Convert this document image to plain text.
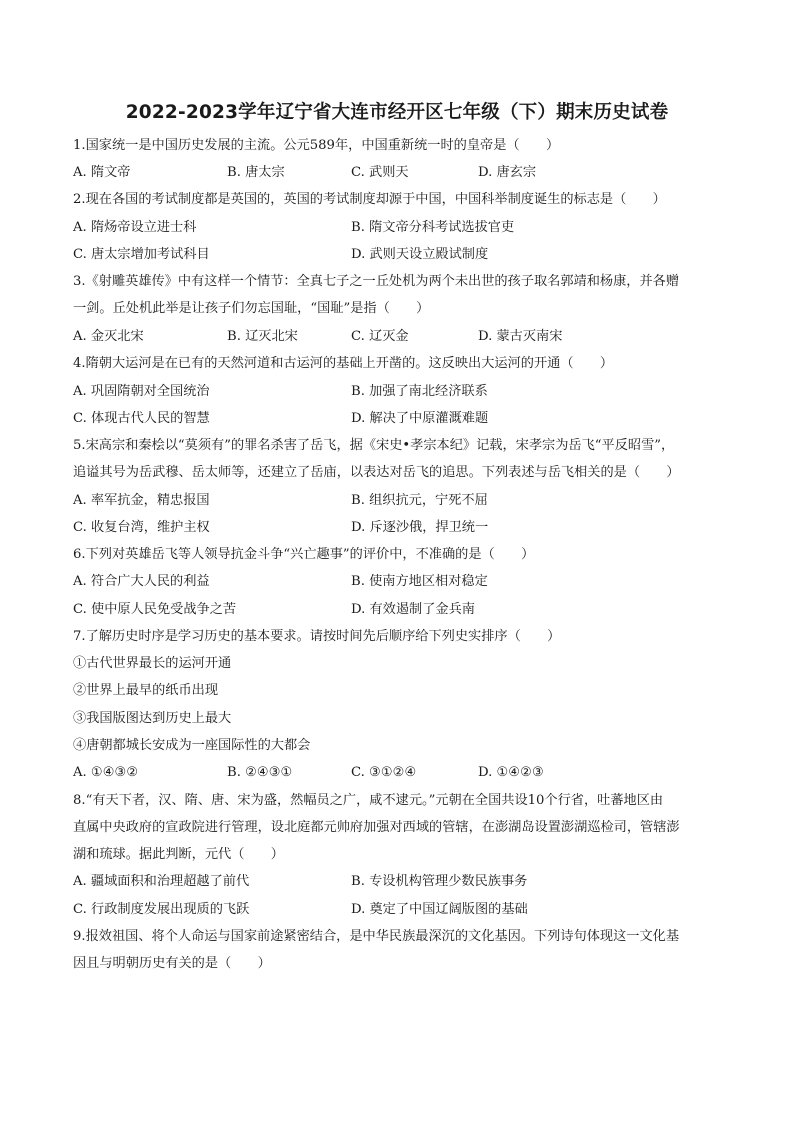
2022-2023学年辽宁省大连市经开区七年级（下）期末历史试卷
1.国家统一是中国历史发展的主流。公元589年，中国重新统一时的皇帝是（　　）
A. 隋文帝	B. 唐太宗	C. 武则天	D. 唐玄宗
2.现在各国的考试制度都是英国的，英国的考试制度却源于中国，中国科举制度诞生的标志是（　　）
A. 隋炀帝设立进士科	B. 隋文帝分科考试选拔官吏
C. 唐太宗增加考试科目	D. 武则天设立殿试制度
3.《射雕英雄传》中有这样一个情节：全真七子之一丘处机为两个未出世的孩子取名郭靖和杨康，并各赠
一剑。丘处机此举是让孩子们勿忘国耻，“国耻”是指（　　）
A. 金灭北宋	B. 辽灭北宋	C. 辽灭金	D. 蒙古灭南宋
4.隋朝大运河是在已有的天然河道和古运河的基础上开凿的。这反映出大运河的开通（　　）
A. 巩固隋朝对全国统治	B. 加强了南北经济联系
C. 体现古代人民的智慧	D. 解决了中原灌溉难题
5.宋高宗和秦桧以“莫须有”的罪名杀害了岳飞，据《宋史•孝宗本纪》记载，宋孝宗为岳飞“平反昭雪”，
追谥其号为岳武穆、岳太师等，还建立了岳庙，以表达对岳飞的追思。下列表述与岳飞相关的是（　　）
A. 率军抗金，精忠报国	B. 组织抗元，宁死不屈
C. 收复台湾，维护主权	D. 斥逐沙俄，捍卫统一
6.下列对英雄岳飞等人领导抗金斗争“兴亡趣事”的评价中，不准确的是（　　）
A. 符合广大人民的利益	B. 使南方地区相对稳定
C. 使中原人民免受战争之苦	D. 有效遏制了金兵南
7.了解历史时序是学习历史的基本要求。请按时间先后顺序给下列史实排序（　　）
①古代世界最长的运河开通
②世界上最早的纸币出现
③我国版图达到历史上最大
④唐朝都城长安成为一座国际性的大都会
A. ①④③②	B. ②④③①	C. ③①②④	D. ①④②③
8.“有天下者，汉、隋、唐、宋为盛，然幅员之广，咸不逮元。”元朝在全国共设10个行省，吐蕃地区由
直属中央政府的宣政院进行管理，设北庭都元帅府加强对西域的管辖，在澎湖岛设置澎湖巡检司，管辖澎
湖和琉球。据此判断，元代（　　）
A. 疆域面积和治理超越了前代	B. 专设机构管理少数民族事务
C. 行政制度发展出现质的飞跃	D. 奠定了中国辽阔版图的基础
9.报效祖国、将个人命运与国家前途紧密结合，是中华民族最深沉的文化基因。下列诗句体现这一文化基
因且与明朝历史有关的是（　　）
